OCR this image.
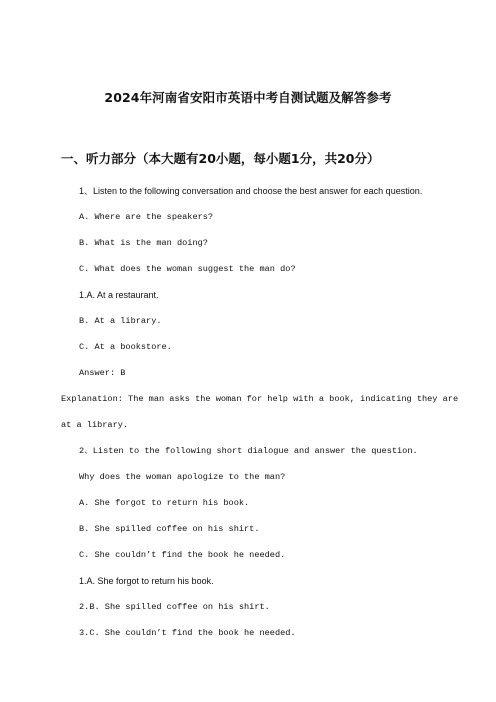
2024年河南省安阳市英语中考自测试题及解答参考
一、听力部分（本大题有20小题，每小题1分，共20分）
1、Listen to the following conversation and choose the best answer for each question.
A. Where are the speakers?
B. What is the man doing?
C. What does the woman suggest the man do?
1.A. At a restaurant.
B. At a library.
C. At a bookstore.
Answer: B
Explanation: The man asks the woman for help with a book, indicating they are
at a library.
2、Listen to the following short dialogue and answer the question.
Why does the woman apologize to the man?
A. She forgot to return his book.
B. She spilled coffee on his shirt.
C. She couldn’t find the book he needed.
1.A. She forgot to return his book.
2.B. She spilled coffee on his shirt.
3.C. She couldn’t find the book he needed.
